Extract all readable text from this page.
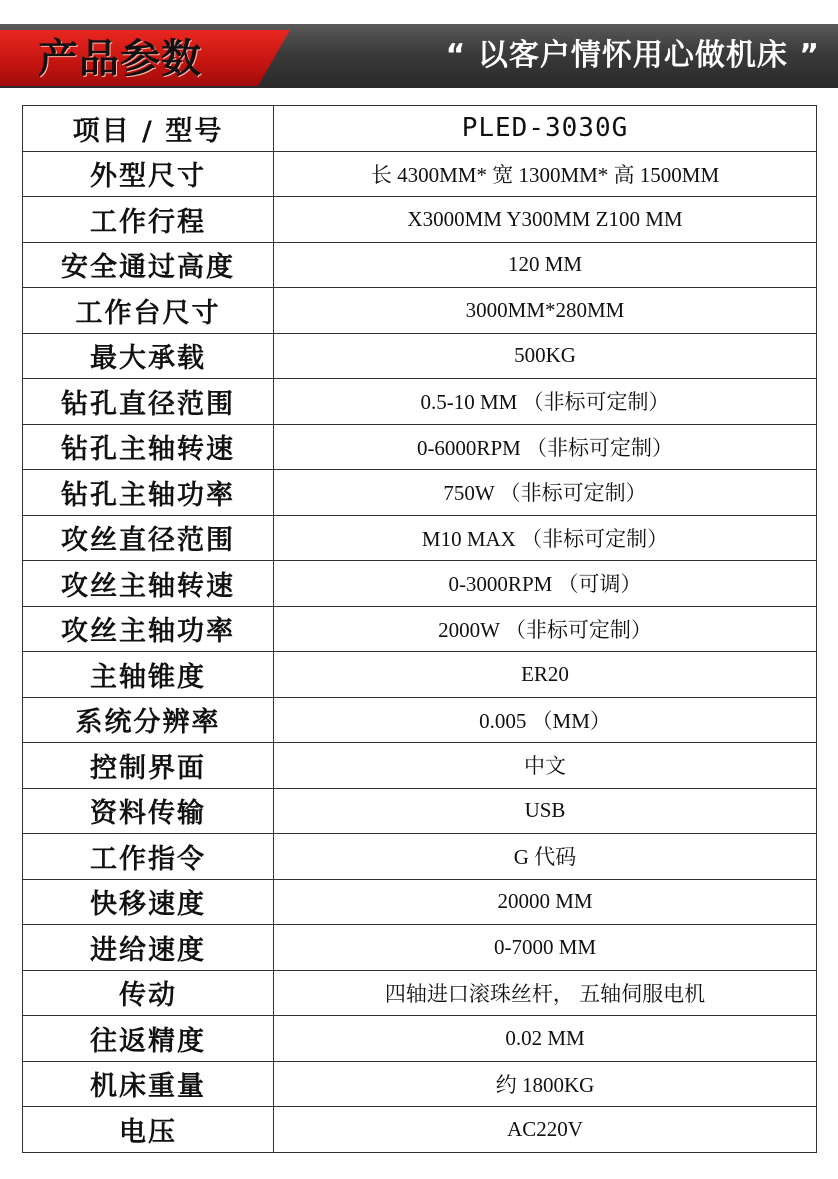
产品参数	“ 以客户情怀用心做机床 ”
项目 / 型号	PLED-3030G
外型尺寸	长 4300MM* 宽 1300MM* 高 1500MM
工作行程	X3000MM Y300MM Z100 MM
安全通过高度	120 MM
工作台尺寸	3000MM*280MM
最大承载	500KG
钻孔直径范围	0.5-10 MM （非标可定制）
钻孔主轴转速	0-6000RPM （非标可定制）
钻孔主轴功率	750W （非标可定制）
攻丝直径范围	M10 MAX （非标可定制）
攻丝主轴转速	0-3000RPM （可调）
攻丝主轴功率	2000W （非标可定制）
主轴锥度	ER20
系统分辨率	0.005 （MM）
控制界面	中文
资料传输	USB
工作指令	G 代码
快移速度	20000 MM
进给速度	0-7000 MM
传动	四轴进口滚珠丝杆， 五轴伺服电机
往返精度	0.02 MM
机床重量	约 1800KG
电压	AC220V
